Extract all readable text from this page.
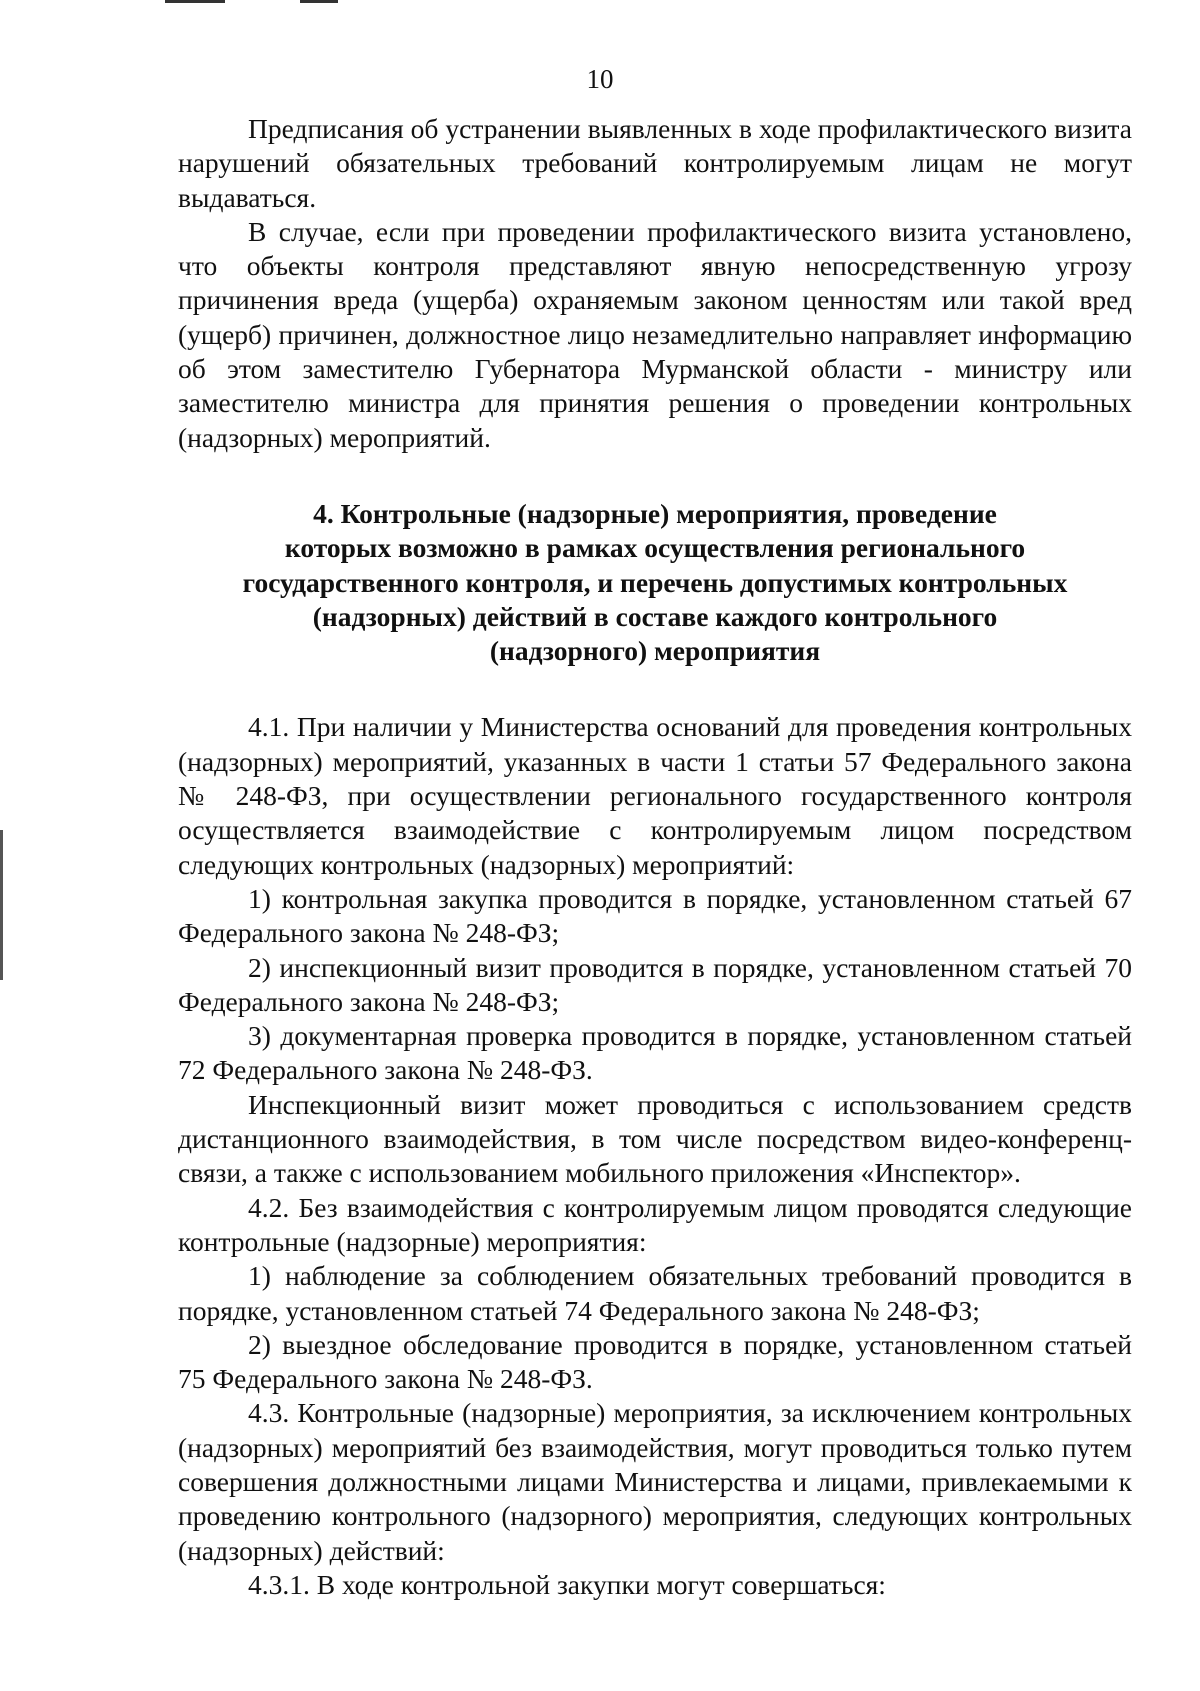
10

Предписания об устранении выявленных в ходе профилактического визита нарушений обязательных требований контролируемым лицам не могут выдаваться.

В случае, если при проведении профилактического визита установлено, что объекты контроля представляют явную непосредственную угрозу причинения вреда (ущерба) охраняемым законом ценностям или такой вред (ущерб) причинен, должностное лицо незамедлительно направляет информацию об этом заместителю Губернатора Мурманской области - министру или заместителю министра для принятия решения о проведении контрольных (надзорных) мероприятий.

4. Контрольные (надзорные) мероприятия, проведение
которых возможно в рамках осуществления регионального
государственного контроля, и перечень допустимых контрольных
(надзорных) действий в составе каждого контрольного
(надзорного) мероприятия

4.1. При наличии у Министерства оснований для проведения контрольных (надзорных) мероприятий, указанных в части 1 статьи 57 Федерального закона № 248-ФЗ, при осуществлении регионального государственного контроля осуществляется взаимодействие с контролируемым лицом посредством следующих контрольных (надзорных) мероприятий:

1) контрольная закупка проводится в порядке, установленном статьей 67 Федерального закона № 248-ФЗ;

2) инспекционный визит проводится в порядке, установленном статьей 70 Федерального закона № 248-ФЗ;

3) документарная проверка проводится в порядке, установленном статьей 72 Федерального закона № 248-ФЗ.

Инспекционный визит может проводиться с использованием средств дистанционного взаимодействия, в том числе посредством видео-конференц-связи, а также с использованием мобильного приложения «Инспектор».

4.2. Без взаимодействия с контролируемым лицом проводятся следующие контрольные (надзорные) мероприятия:

1) наблюдение за соблюдением обязательных требований проводится в порядке, установленном статьей 74 Федерального закона № 248-ФЗ;

2) выездное обследование проводится в порядке, установленном статьей 75 Федерального закона № 248-ФЗ.

4.3. Контрольные (надзорные) мероприятия, за исключением контрольных (надзорных) мероприятий без взаимодействия, могут проводиться только путем совершения должностными лицами Министерства и лицами, привлекаемыми к проведению контрольного (надзорного) мероприятия, следующих контрольных (надзорных) действий:

4.3.1. В ходе контрольной закупки могут совершаться:
